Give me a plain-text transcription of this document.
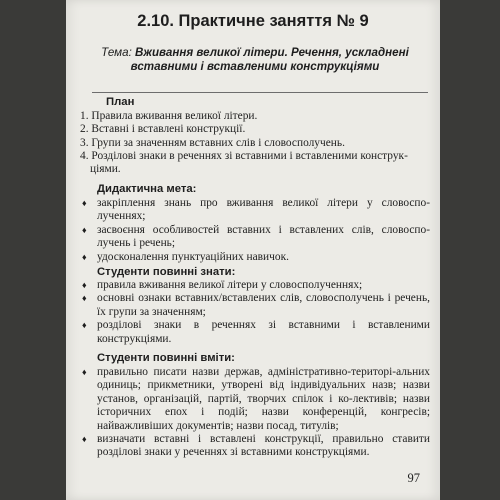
2.10. Практичне заняття № 9
Тема: Вживання великої літери. Речення, ускладнені вставними і вставленими конструкціями
План
1. Правила вживання великої літери.
2. Вставні і вставлені конструкції.
3. Групи за значенням вставних слів і словосполучень.
4. Розділові знаки в реченнях зі вставними і вставленими конструк-
ціями.
Дидактична мета:
♦ закріплення знань про вживання великої літери у словоспо-лученнях;
♦ засвоєння особливостей вставних і вставлених слів, словоспо-лучень і речень;
♦ удосконалення пунктуаційних навичок.
Студенти повинні знати:
♦ правила вживання великої літери у словосполученнях;
♦ основні ознаки вставних/вставлених слів, словосполучень і речень, їх групи за значенням;
♦ розділові знаки в реченнях зі вставними і вставленими конструкціями.
Студенти повинні вміти:
♦ правильно писати назви держав, адміністративно-територі-альних одиниць; прикметники, утворені від індивідуальних назв; назви установ, організацій, партій, творчих спілок і ко-лективів; назви історичних епох і подій; назви конференцій, конгресів; найважливіших документів; назви посад, титулів;
♦ визначати вставні і вставлені конструкції, правильно ставити розділові знаки у реченнях зі вставними конструкціями.
97
